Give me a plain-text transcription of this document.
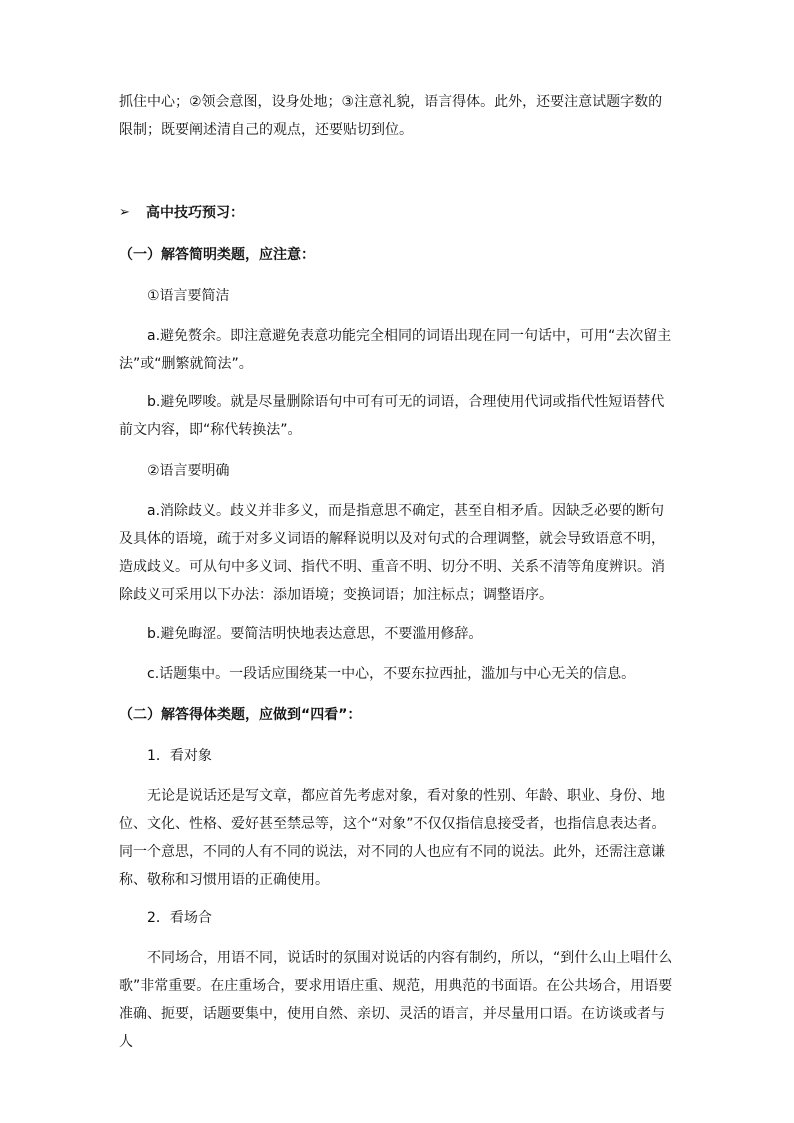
抓住中心；②领会意图，设身处地；③注意礼貌，语言得体。此外，还要注意试题字数的限制；既要阐述清自己的观点，还要贴切到位。
➢ 高中技巧预习：
（一）解答简明类题，应注意：
①语言要简洁
a.避免赘余。即注意避免表意功能完全相同的词语出现在同一句话中，可用“去次留主法”或“删繁就简法”。
b.避免啰唆。就是尽量删除语句中可有可无的词语，合理使用代词或指代性短语替代前文内容，即“称代转换法”。
②语言要明确
a.消除歧义。歧义并非多义，而是指意思不确定，甚至自相矛盾。因缺乏必要的断句及具体的语境，疏于对多义词语的解释说明以及对句式的合理调整，就会导致语意不明，造成歧义。可从句中多义词、指代不明、重音不明、切分不明、关系不清等角度辨识。消除歧义可采用以下办法：添加语境；变换词语；加注标点；调整语序。
b.避免晦涩。要简洁明快地表达意思，不要滥用修辞。
c.话题集中。一段话应围绕某一中心，不要东拉西扯，滥加与中心无关的信息。
（二）解答得体类题，应做到“四看”：
1．看对象
无论是说话还是写文章，都应首先考虑对象，看对象的性别、年龄、职业、身份、地位、文化、性格、爱好甚至禁忌等，这个“对象”不仅仅指信息接受者，也指信息表达者。同一个意思，不同的人有不同的说法，对不同的人也应有不同的说法。此外，还需注意谦称、敬称和习惯用语的正确使用。
2．看场合
不同场合，用语不同，说话时的氛围对说话的内容有制约，所以，“到什么山上唱什么歌”非常重要。在庄重场合，要求用语庄重、规范，用典范的书面语。在公共场合，用语要准确、扼要，话题要集中，使用自然、亲切、灵活的语言，并尽量用口语。在访谈或者与人
